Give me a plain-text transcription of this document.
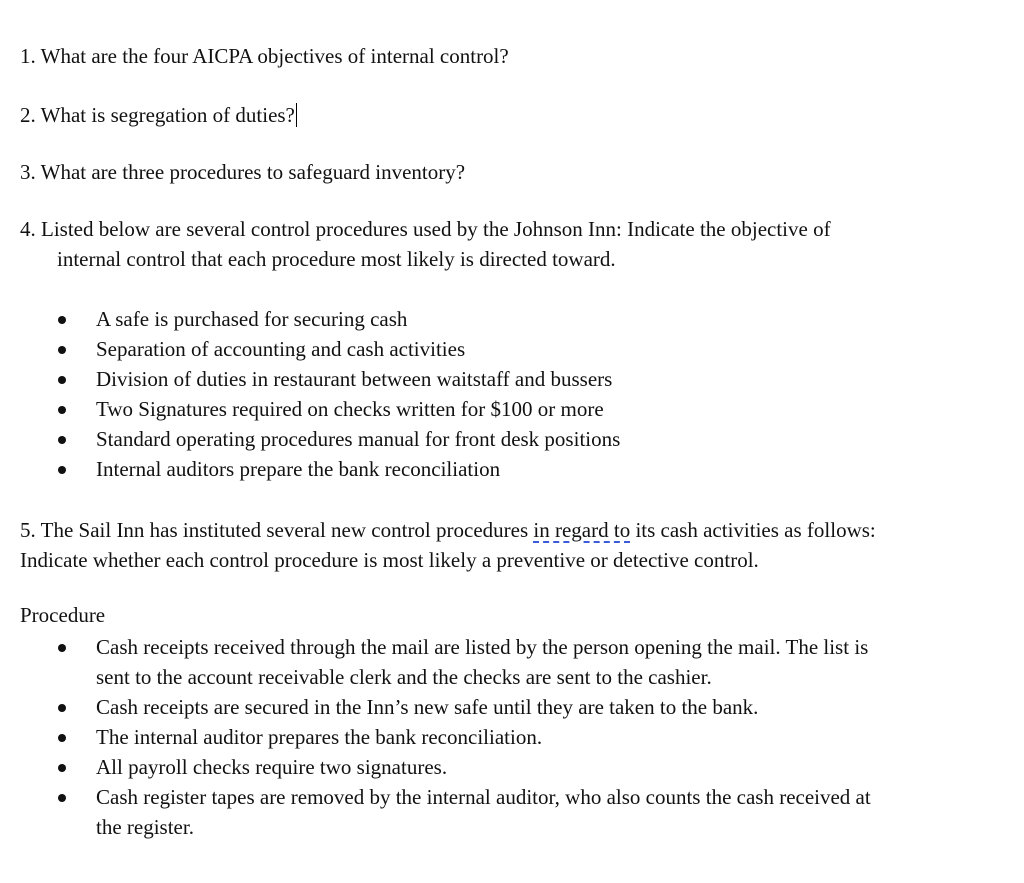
1. What are the four AICPA objectives of internal control?

2. What is segregation of duties?

3. What are three procedures to safeguard inventory?

4. Listed below are several control procedures used by the Johnson Inn: Indicate the objective of
internal control that each procedure most likely is directed toward.

A safe is purchased for securing cash
Separation of accounting and cash activities
Division of duties in restaurant between waitstaff and bussers
Two Signatures required on checks written for $100 or more
Standard operating procedures manual for front desk positions
Internal auditors prepare the bank reconciliation

5. The Sail Inn has instituted several new control procedures in regard to its cash activities as follows:
Indicate whether each control procedure is most likely a preventive or detective control.

Procedure

Cash receipts received through the mail are listed by the person opening the mail. The list is
sent to the account receivable clerk and the checks are sent to the cashier.
Cash receipts are secured in the Inn’s new safe until they are taken to the bank.
The internal auditor prepares the bank reconciliation.
All payroll checks require two signatures.
Cash register tapes are removed by the internal auditor, who also counts the cash received at
the register.
